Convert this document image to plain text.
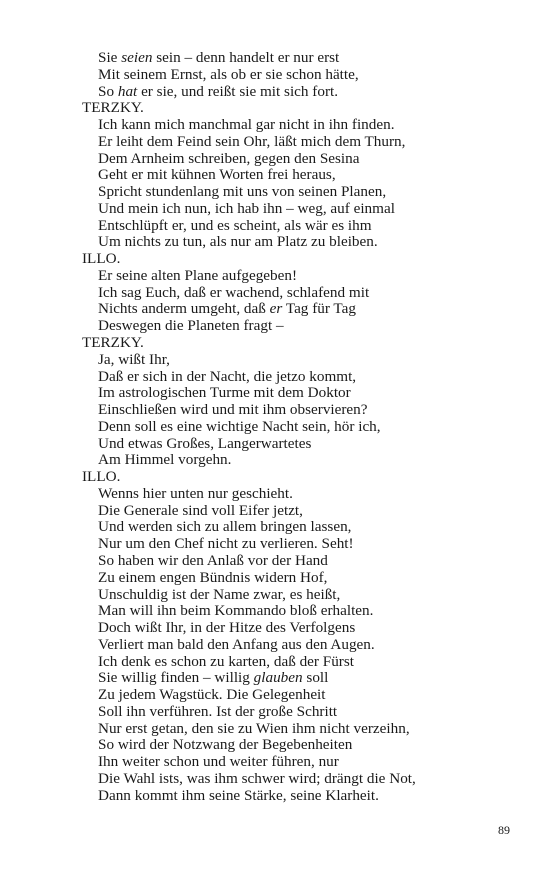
Sie seien sein – denn handelt er nur erst
Mit seinem Ernst, als ob er sie schon hätte,
So hat er sie, und reißt sie mit sich fort.
TERZKY.
Ich kann mich manchmal gar nicht in ihn finden.
Er leiht dem Feind sein Ohr, läßt mich dem Thurn,
Dem Arnheim schreiben, gegen den Sesina
Geht er mit kühnen Worten frei heraus,
Spricht stundenlang mit uns von seinen Planen,
Und mein ich nun, ich hab ihn – weg, auf einmal
Entschlüpft er, und es scheint, als wär es ihm
Um nichts zu tun, als nur am Platz zu bleiben.
ILLO.
Er seine alten Plane aufgegeben!
Ich sag Euch, daß er wachend, schlafend mit
Nichts anderm umgeht, daß er Tag für Tag
Deswegen die Planeten fragt –
TERZKY.
Ja, wißt Ihr,
Daß er sich in der Nacht, die jetzo kommt,
Im astrologischen Turme mit dem Doktor
Einschließen wird und mit ihm observieren?
Denn soll es eine wichtige Nacht sein, hör ich,
Und etwas Großes, Langerwartetes
Am Himmel vorgehn.
ILLO.
Wenns hier unten nur geschieht.
Die Generale sind voll Eifer jetzt,
Und werden sich zu allem bringen lassen,
Nur um den Chef nicht zu verlieren. Seht!
So haben wir den Anlaß vor der Hand
Zu einem engen Bündnis widern Hof,
Unschuldig ist der Name zwar, es heißt,
Man will ihn beim Kommando bloß erhalten.
Doch wißt Ihr, in der Hitze des Verfolgens
Verliert man bald den Anfang aus den Augen.
Ich denk es schon zu karten, daß der Fürst
Sie willig finden – willig glauben soll
Zu jedem Wagstück. Die Gelegenheit
Soll ihn verführen. Ist der große Schritt
Nur erst getan, den sie zu Wien ihm nicht verzeihn,
So wird der Notzwang der Begebenheiten
Ihn weiter schon und weiter führen, nur
Die Wahl ists, was ihm schwer wird; drängt die Not,
Dann kommt ihm seine Stärke, seine Klarheit.
89
